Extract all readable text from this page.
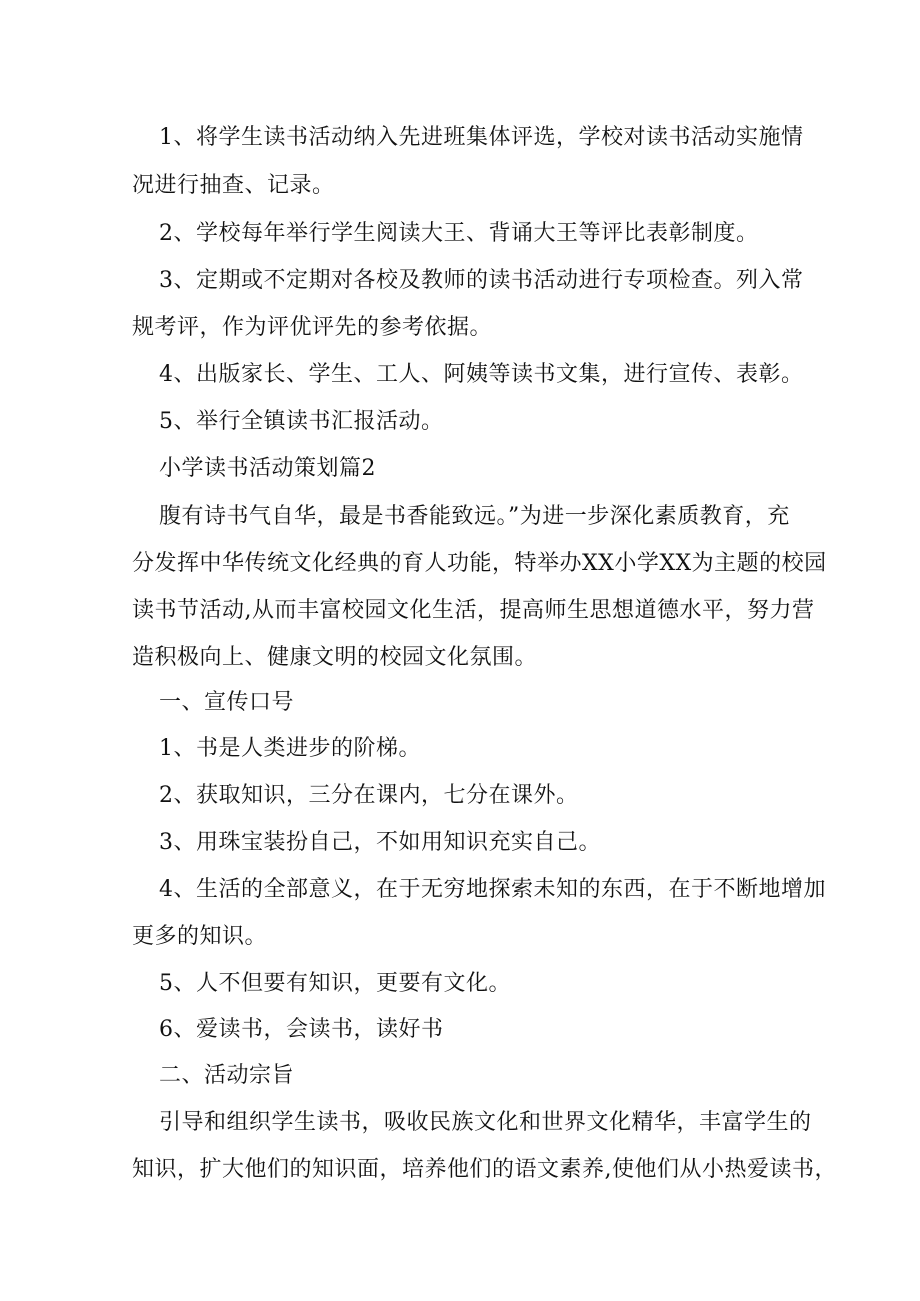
1、将学生读书活动纳入先进班集体评选，学校对读书活动实施情
况进行抽查、记录。
2、学校每年举行学生阅读大王、背诵大王等评比表彰制度。
3、定期或不定期对各校及教师的读书活动进行专项检查。列入常
规考评，作为评优评先的参考依据。
4、出版家长、学生、工人、阿姨等读书文集，进行宣传、表彰。
5、举行全镇读书汇报活动。
小学读书活动策划篇2
腹有诗书气自华，最是书香能致远。”为进一步深化素质教育，充
分发挥中华传统文化经典的育人功能，特举办XX小学XX为主题的校园
读书节活动,从而丰富校园文化生活，提高师生思想道德水平，努力营
造积极向上、健康文明的校园文化氛围。
一、宣传口号
1、书是人类进步的阶梯。
2、获取知识，三分在课内，七分在课外。
3、用珠宝装扮自己，不如用知识充实自己。
4、生活的全部意义，在于无穷地探索未知的东西，在于不断地增加
更多的知识。
5、人不但要有知识，更要有文化。
6、爱读书，会读书，读好书
二、活动宗旨
引导和组织学生读书，吸收民族文化和世界文化精华，丰富学生的
知识，扩大他们的知识面，培养他们的语文素养,使他们从小热爱读书，
